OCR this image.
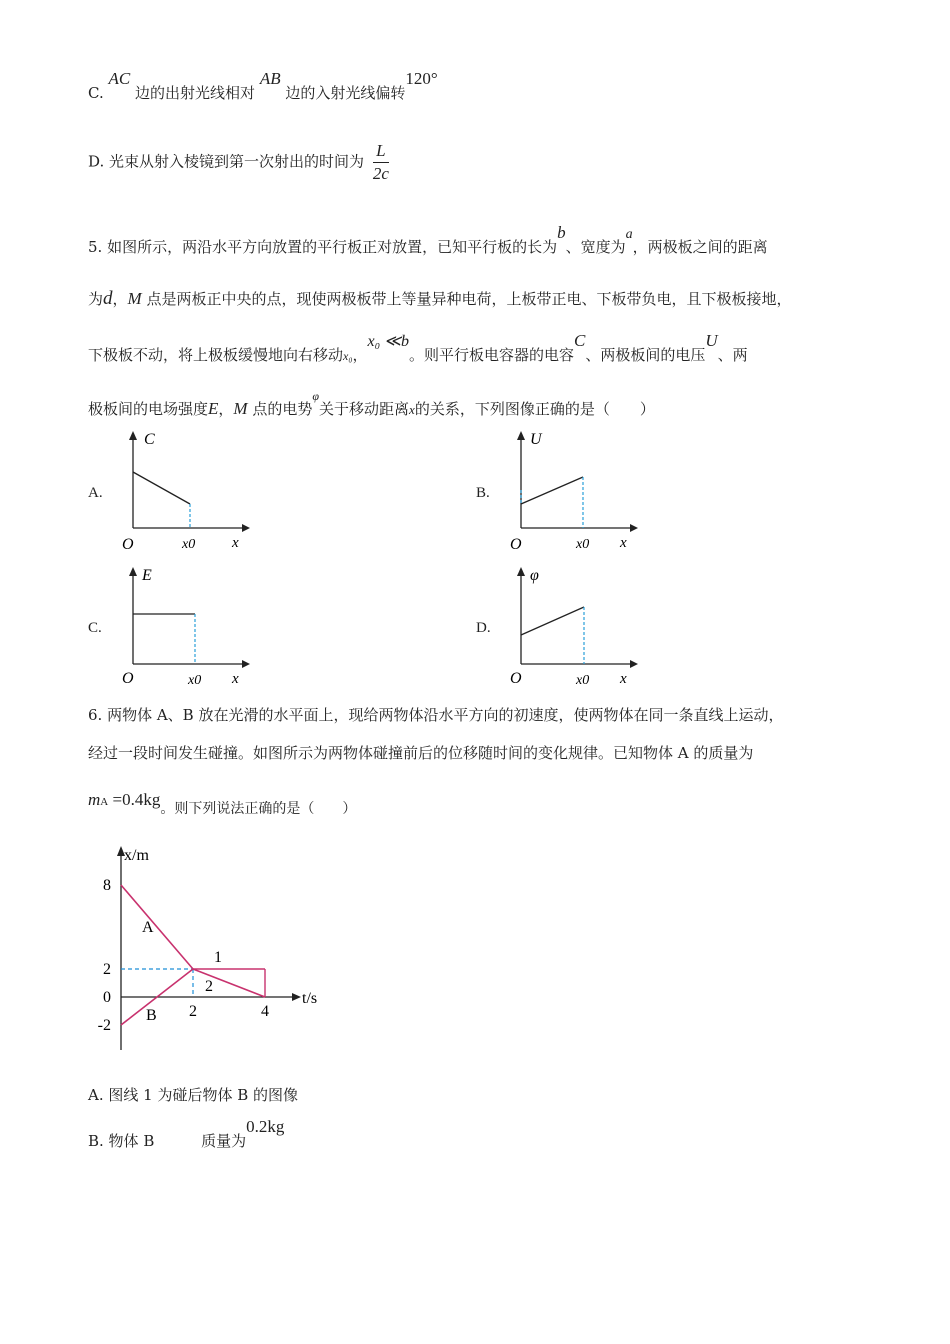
C. AC 边的出射光线相对 AB 边的入射光线偏转120°
D. 光束从射入棱镜到第一次射出的时间为 $\frac{L}{2c}$
5. 如图所示，两沿水平方向放置的平行板正对放置，已知平行板的长为b、宽度为a，两极板之间的距离
为d，M 点是两板正中央的点，现使两极板带上等量异种电荷，上板带正电、下板带负电，且下极板接地，
下极板不动，将上极板缓慢地向右移动x₀，x₀ ≪b。则平行板电容器的电容C、两极板间的电压U、两
极板间的电场强度E，M 点的电势$^\varphi$关于移动距离x的关系，下列图像正确的是（　　）
A.	B.
C.	D.
C
O	x0 x
U
O	x0 x
E
O	x0 x
φ
O	x0 x
6. 两物体 A、B 放在光滑的水平面上，现给两物体沿水平方向的初速度，使两物体在同一条直线上运动，
经过一段时间发生碰撞。如图所示为两物体碰撞前后的位移随时间的变化规律。已知物体 A 的质量为
mA =0.4kg。则下列说法正确的是（　　）
x/m
t/s
8
2
0
-2
2	4
A
B
1
2
A. 图线 1 为碰后物体 B 的图像
B. 物体 B	质量为0.2kg
